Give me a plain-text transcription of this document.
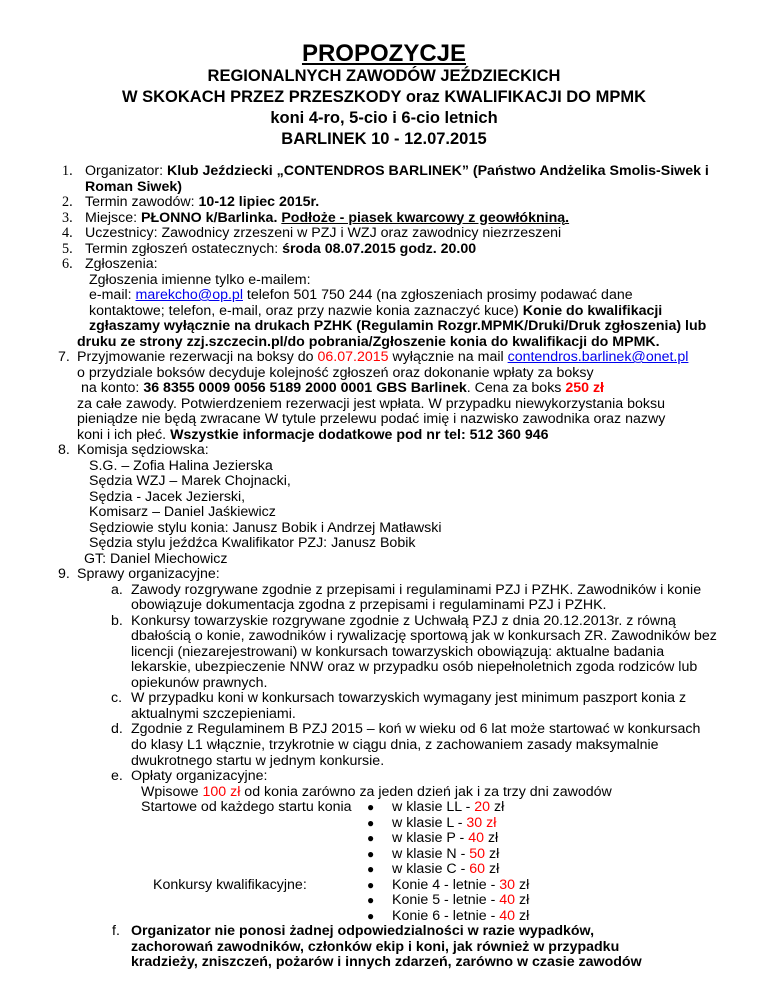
PROPOZYCJE
REGIONALNYCH ZAWODÓW JEŹDZIECKICH
W SKOKACH PRZEZ PRZESZKODY oraz KWALIFIKACJI DO MPMK
koni 4-ro, 5-cio i 6-cio letnich
BARLINEK 10 - 12.07.2015
1. Organizator: Klub Jeździecki „CONTENDROS BARLINEK” (Państwo Andżelika Smolis-Siwek i
Roman Siwek)
2. Termin zawodów: 10-12 lipiec 2015r.
3. Miejsce: PŁONNO k/Barlinka. Podłoże - piasek kwarcowy z geowłókniną.
4. Uczestnicy: Zawodnicy zrzeszeni w PZJ i WZJ oraz zawodnicy niezrzeszeni
5. Termin zgłoszeń ostatecznych: środa 08.07.2015 godz. 20.00
6. Zgłoszenia:
Zgłoszenia imienne tylko e-mailem:
e-mail: marekcho@op.pl telefon 501 750 244 (na zgłoszeniach prosimy podawać dane
kontaktowe; telefon, e-mail, oraz przy nazwie konia zaznaczyć kuce) Konie do kwalifikacji
zgłaszamy wyłącznie na drukach PZHK (Regulamin Rozgr.MPMK/Druki/Druk zgłoszenia) lub
druku ze strony zzj.szczecin.pl/do pobrania/Zgłoszenie konia do kwalifikacji do MPMK.
7. Przyjmowanie rezerwacji na boksy do 06.07.2015 wyłącznie na mail contendros.barlinek@onet.pl
o przydziale boksów decyduje kolejność zgłoszeń oraz dokonanie wpłaty za boksy
na konto: 36 8355 0009 0056 5189 2000 0001 GBS Barlinek. Cena za boks 250 zł
za całe zawody. Potwierdzeniem rezerwacji jest wpłata. W przypadku niewykorzystania boksu
pieniądze nie będą zwracane W tytule przelewu podać imię i nazwisko zawodnika oraz nazwy
koni i ich płeć. Wszystkie informacje dodatkowe pod nr tel: 512 360 946
8. Komisja sędziowska:
S.G. – Zofia Halina Jezierska
Sędzia WZJ – Marek Chojnacki,
Sędzia - Jacek Jezierski,
Komisarz – Daniel Jaśkiewicz
Sędziowie stylu konia: Janusz Bobik i Andrzej Matławski
Sędzia stylu jeźdźca Kwalifikator PZJ: Janusz Bobik
GT: Daniel Miechowicz
9. Sprawy organizacyjne:
a. Zawody rozgrywane zgodnie z przepisami i regulaminami PZJ i PZHK. Zawodników i konie
obowiązuje dokumentacja zgodna z przepisami i regulaminami PZJ i PZHK.
b. Konkursy towarzyskie rozgrywane zgodnie z Uchwałą PZJ z dnia 20.12.2013r. z równą
dbałością o konie, zawodników i rywalizację sportową jak w konkursach ZR. Zawodników bez
licencji (niezarejestrowani) w konkursach towarzyskich obowiązują: aktualne badania
lekarskie, ubezpieczenie NNW oraz w przypadku osób niepełnoletnich zgoda rodziców lub
opiekunów prawnych.
c. W przypadku koni w konkursach towarzyskich wymagany jest minimum paszport konia z
aktualnymi szczepieniami.
d. Zgodnie z Regulaminem B PZJ 2015 – koń w wieku od 6 lat może startować w konkursach
do klasy L1 włącznie, trzykrotnie w ciągu dnia, z zachowaniem zasady maksymalnie
dwukrotnego startu w jednym konkursie.
e. Opłaty organizacyjne:
Wpisowe 100 zł od konia zarówno za jeden dzień jak i za trzy dni zawodów
Startowe od każdego startu konia
Konkursy kwalifikacyjne:
● w klasie LL - 20 zł
● w klasie L - 30 zł
● w klasie P - 40 zł
● w klasie N - 50 zł
● w klasie C - 60 zł
● Konie 4 - letnie - 30 zł
● Konie 5 - letnie - 40 zł
● Konie 6 - letnie - 40 zł
f. Organizator nie ponosi żadnej odpowiedzialności w razie wypadków,
zachorowań zawodników, członków ekip i koni, jak również w przypadku
kradzieży, zniszczeń, pożarów i innych zdarzeń, zarówno w czasie zawodów
